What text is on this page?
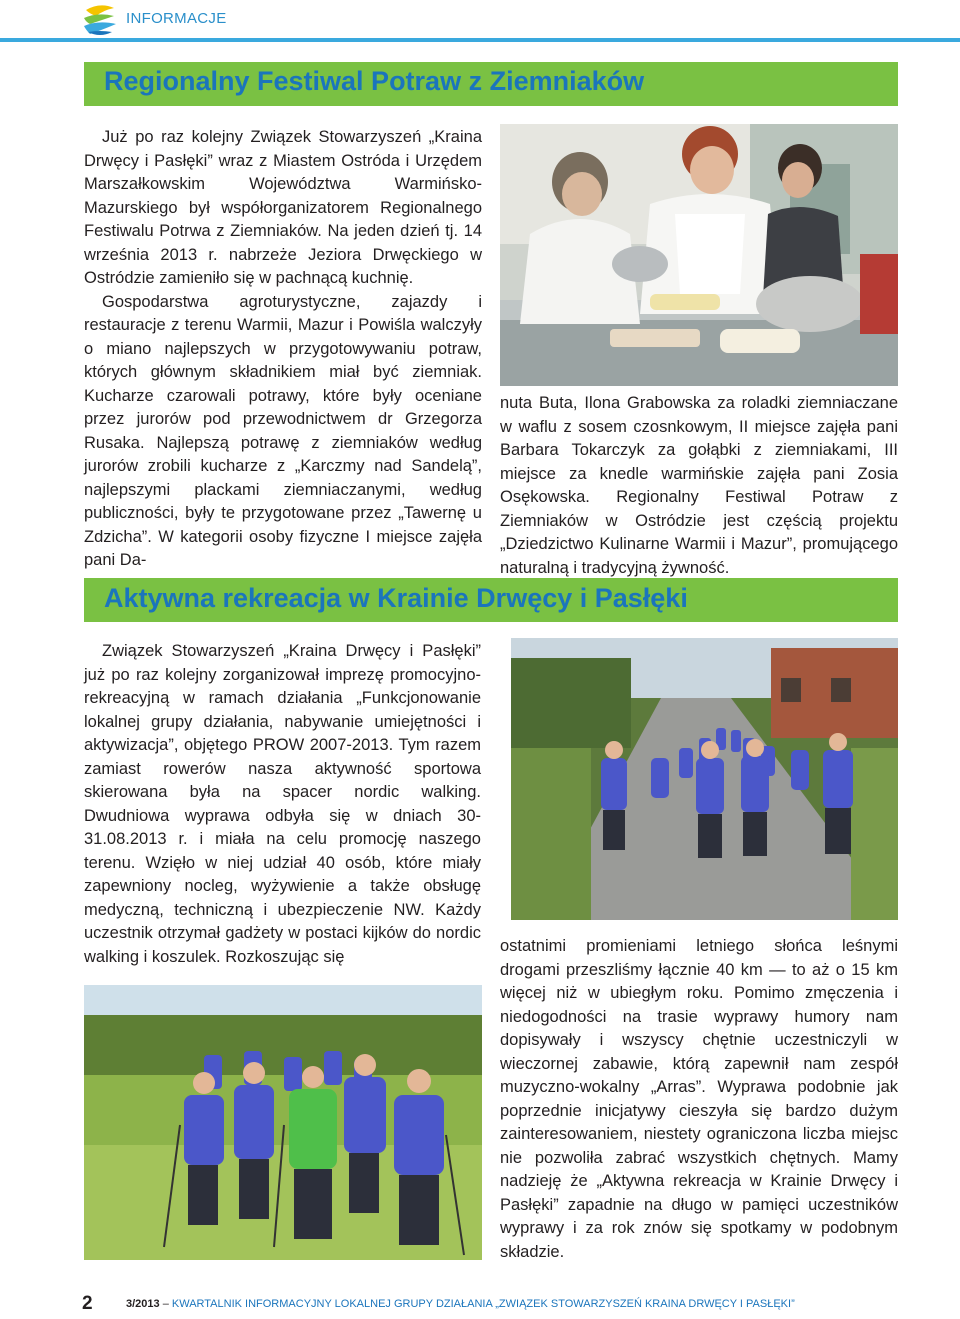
INFORMACJE
Regionalny Festiwal Potraw z Ziemniaków

Już po raz kolejny Związek Stowarzyszeń „Kraina Drwęcy i Pasłęki” wraz z Miastem Ostróda i Urzędem Marszałkowskim Województwa Warmińsko-Mazurskiego był współorganizatorem Regionalnego Festiwalu Potrwa z Ziemniaków. Na jeden dzień tj. 14 września 2013 r. nabrzeże Jeziora Drwęckiego w Ostródzie zamieniło się w pachnącą kuchnię.

Gospodarstwa agroturystyczne, zajazdy i restauracje z terenu Warmii, Mazur i Powiśla walczyły o miano najlepszych w przygotowywaniu potraw, których głównym składnikiem miał być ziemniak. Kucharze czarowali potrawy, które były oceniane przez jurorów pod przewodnictwem dr Grzegorza Rusaka. Najlepszą potrawę z ziemniaków według jurorów zrobili kucharze z „Karczmy nad Sandelą”, najlepszymi plackami ziemniaczanymi, według publiczności, były te przygotowane przez „Tawernę u Zdzicha”. W kategorii osoby fizyczne I miejsce zajęła pani Da-

nuta Buta, Ilona Grabowska za roladki ziemniaczane w waflu z sosem czosnkowym, II miejsce zajęła pani Barbara Tokarczyk za gołąbki z ziemniakami, III miejsce za knedle warmińskie zajęła pani Zosia Osękowska. Regionalny Festiwal Potraw z Ziemniaków w Ostródzie jest częścią projektu „Dziedzictwo Kulinarne Warmii i Mazur”, promującego naturalną i tradycyjną żywność.

Aktywna rekreacja w Krainie Drwęcy i Pasłęki

Związek Stowarzyszeń „Kraina Drwęcy i Pasłęki” już po raz kolejny zorganizował imprezę promocyjno-rekreacyjną w ramach działania „Funkcjonowanie lokalnej grupy działania, nabywanie umiejętności i aktywizacja”, objętego PROW 2007-2013. Tym razem zamiast rowerów nasza aktywność sportowa skierowana była na spacer nordic walking. Dwudniowa wyprawa odbyła się w dniach 30-31.08.2013 r. i miała na celu promocję naszego terenu. Wzięło w niej udział 40 osób, które miały zapewniony nocleg, wyżywienie a także obsługę medyczną, techniczną i ubezpieczenie NW. Każdy uczestnik otrzymał gadżety w postaci kijków do nordic walking i koszulek. Rozkoszując się

ostatnimi promieniami letniego słońca leśnymi drogami przeszliśmy łącznie 40 km — to aż o 15 km więcej niż w ubiegłym roku. Pomimo zmęczenia i niedogodności na trasie wyprawy humory nam dopisywały i wszyscy chętnie uczestniczyli w wieczornej zabawie, którą zapewnił nam zespół muzyczno-wokalny „Arras”. Wyprawa podobnie jak poprzednie inicjatywy cieszyła się bardzo dużym zainteresowaniem, niestety ograniczona liczba miejsc nie pozwoliła zabrać wszystkich chętnych. Mamy nadzieję że „Aktywna rekreacja w Krainie Drwęcy i Pasłęki” zapadnie na długo w pamięci uczestników wyprawy i za rok znów się spotkamy w podobnym składzie.

2	3/2013 – KWARTALNIK INFORMACYJNY LOKALNEJ GRUPY DZIAŁANIA „ZWIĄZEK STOWARZYSZEŃ KRAINA DRWĘCY I PASŁĘKI”
